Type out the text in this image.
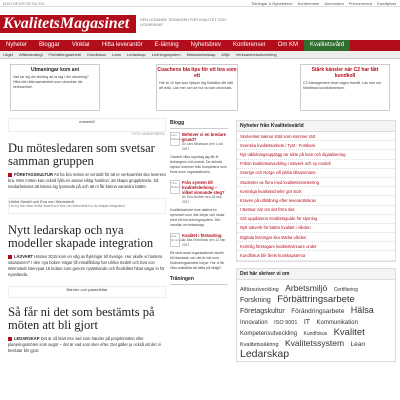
MAGHENPORTALEN	Tidningar & Nyhetsbrev Konferenser Annonsera Prenumerera Kundtjänst
KvalitetsMagasinet	DEN LEDANDE TIDNINGEN FÖR KVALITET OCH LEDARSKAP
Nyheter	Bloggar	Vinklar	Hitta leverantör	E-lärning	Nyhetsbrev	Konferenser	Om KM	Kvalitetsvård
Läget	Affärsstrategi	Förbättringsarbete	Kundfokus	Lean	Ledarskap	Ledningssystem	Medarbetarskap	Miljö	Verksamhetsutveckling
Utmaningar kom ani
Vad tar sig din ledning att ta tag i din utmaning? Hitta det rätta samarbetet som utvecklar din verksamhet.
Coachens bla tips för ett bra som ett
Här är 10 tips som hjälper dig förbättra ditt sätt att leda. Läs mer och se hur du kan utvecklas.
Stärk känsler när C2 har fått kundkoll
C2 Management visar vägen framåt. Läs mer om förbättrad kundkännedom.
manesW
FOTO: MANNERBERG
Du mötesledaren som svetsar samman gruppen

FÖRETAGSKULTUR Att ha bra möten är centralt för att er verksamhet ska leverera bra. Men möten kan också fylla en annan viktig funktion: att skapa gruppkänsla. Så medarbetarna att känna sig lyssnade på och att ni får känna varandra bättre.

Ulrika Sedell och Eva von Wernstedt
I en ny bok visar Ulrika Sedell och Eva von Wernstedt hur du skapar integration.
Nytt ledarskap och nya modeller skapade integration

LÄSVART Hösten 2015 kom en våg av flyktingar till Sverige. Hur skulle vi hantera situationen? I den nya boken Vägar till inmalfilskap har Ulrika Sedell och Eva von Wernstedt intervjuat 15 ledare som genom nytänkande och flexibilitet hittat vägar in för nyanlända.

Bänder och passelbitar
Så får ni det som bestämts på möten att bli gjort

LEDARSKAP Det är så klart inte vad som händer på projektmöten eller planeringsmöten som avgör – det är vad som sker efter. Det gäller ju också att det ni beslutar blir gjort.

Blogg
Lars Niklasson
Behöver vi en bredare grund?
Av Lars Niklasson den 1 okt 2017
Oavsett vilka uppdrag jag får är ledningens roll central. De största styrkor kommer från kompetens som finns inom organisationen.
Tina Bothén
Från system till kvalitetsledning – vilket vinnande steg?
Av Tina Bothén den 28 sep 2017
Kvalitetsarbete inne dallest en synvinkel som inte börjar och slutar med ett bra ledningssystem. Det handlar om ledarskap.
Åsa Rönnbäck
Kvalitet i förändring
Av Åsa Rönnbäck den 12 sep 2017
Ett stort antal organisationer skulle bli blandade och det är här som förändringsarbetet börjar. Hur vi får våra anställda att delta på riktigt?
Träningen
Nyheter från Kvalitetsvärld
Skolverket saknar stöd som kommer rätt
Svenska kvalitetsarbete i Tyst - Forskare
Nyt utbildningsupplägg tar sikte på lean och digitalisering
Frikön kvalitetsutveckling i nätverk och ny modell
Sverige och Norge vill jobba tillsammans
Studenter av flera med kvalitetsinvestering
Kvinnliga kvalitetschefer gör stort
Kraven på utbildning efter leverantöskrav
I Bettnar när om det förra slut
SIS uppdaterar Kvalitetsguide för styrning
Nytt nätverk för bättre kvalitet i vården
Digitala lösningar ska stärka vården
Kvinnlig företagare kvalitetsvinnare under
Kundfokus blir årets kunskapstema
Det här skriver vi om
Affärsutveckling Arbetsmiljö Certifiering Forskning Förbättringsarbete Företagskultur Förändringsarbete Hälsa Innovation ISO 9001 IT Kommunikation Kompetensutveckling Kundfokus Kvalitet Kvalitetssäkring Kvalitetssystem Lean Ledarskap
